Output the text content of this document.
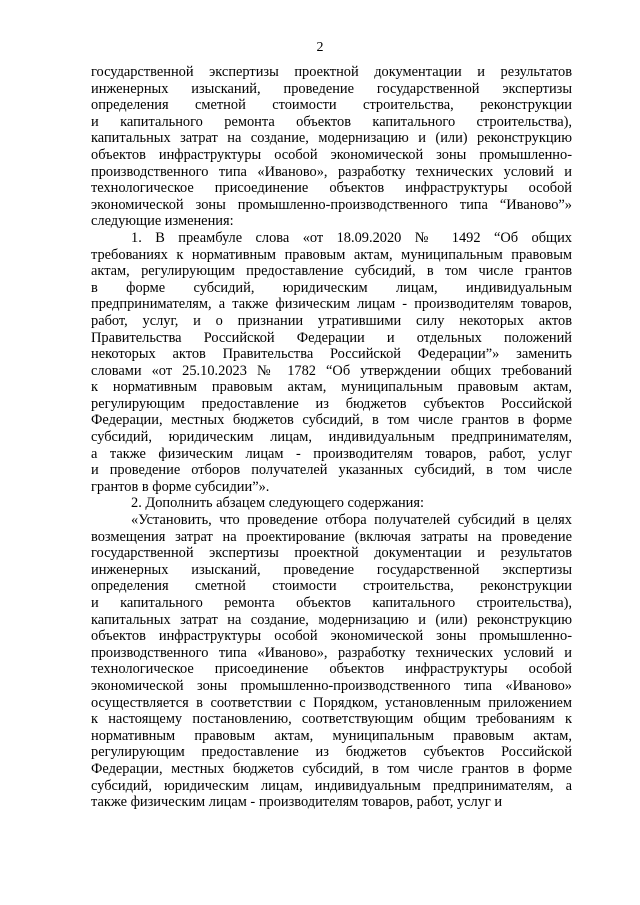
2
государственной экспертизы проектной документации и результатов
инженерных изысканий, проведение государственной экспертизы
определения сметной стоимости строительства, реконструкции
и капитального ремонта объектов капитального строительства),
капитальных затрат на создание, модернизацию и (или) реконструкцию
объектов инфраструктуры особой экономической зоны промышленно-
производственного типа «Иваново», разработку технических условий и
технологическое присоединение объектов инфраструктуры особой
экономической зоны промышленно-производственного типа “Иваново”»
следующие изменения:
1. В преамбуле слова «от 18.09.2020 № 1492 “Об общих
требованиях к нормативным правовым актам, муниципальным правовым
актам, регулирующим предоставление субсидий, в том числе грантов
в форме субсидий, юридическим лицам, индивидуальным
предпринимателям, а также физическим лицам - производителям товаров,
работ, услуг, и о признании утратившими силу некоторых актов
Правительства Российской Федерации и отдельных положений
некоторых актов Правительства Российской Федерации”» заменить
словами «от 25.10.2023 № 1782 “Об утверждении общих требований
к нормативным правовым актам, муниципальным правовым актам,
регулирующим предоставление из бюджетов субъектов Российской
Федерации, местных бюджетов субсидий, в том числе грантов в форме
субсидий, юридическим лицам, индивидуальным предпринимателям,
а также физическим лицам - производителям товаров, работ, услуг
и проведение отборов получателей указанных субсидий, в том числе
грантов в форме субсидии”».
2. Дополнить абзацем следующего содержания:
«Установить, что проведение отбора получателей субсидий в целях
возмещения затрат на проектирование (включая затраты на проведение
государственной экспертизы проектной документации и результатов
инженерных изысканий, проведение государственной экспертизы
определения сметной стоимости строительства, реконструкции
и капитального ремонта объектов капитального строительства),
капитальных затрат на создание, модернизацию и (или) реконструкцию
объектов инфраструктуры особой экономической зоны промышленно-
производственного типа «Иваново», разработку технических условий и
технологическое присоединение объектов инфраструктуры особой
экономической зоны промышленно-производственного типа «Иваново»
осуществляется в соответствии с Порядком, установленным приложением
к настоящему постановлению, соответствующим общим требованиям к
нормативным правовым актам, муниципальным правовым актам,
регулирующим предоставление из бюджетов субъектов Российской
Федерации, местных бюджетов субсидий, в том числе грантов в форме
субсидий, юридическим лицам, индивидуальным предпринимателям, а
также физическим лицам - производителям товаров, работ, услуг и
